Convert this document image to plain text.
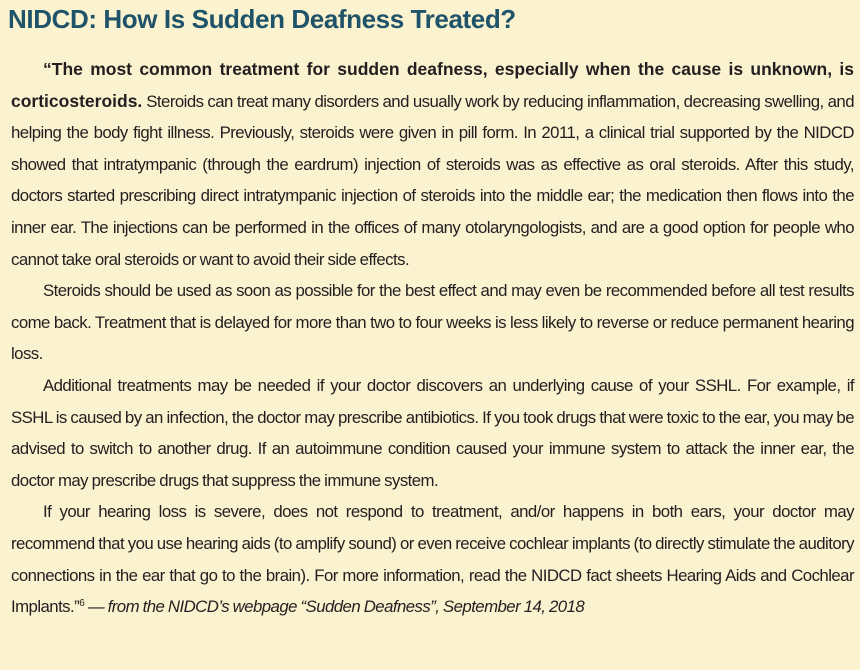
NIDCD: How Is Sudden Deafness Treated?

“The most common treatment for sudden deafness, especially when the cause is unknown, is corticosteroids. Steroids can treat many disorders and usually work by reducing inflammation, decreasing swelling, and helping the body fight illness. Previously, steroids were given in pill form. In 2011, a clinical trial supported by the NIDCD showed that intratympanic (through the eardrum) injection of steroids was as effective as oral steroids. After this study, doctors started prescribing direct intratympanic injection of steroids into the middle ear; the medication then flows into the inner ear. The injections can be performed in the offices of many otolaryngologists, and are a good option for people who cannot take oral steroids or want to avoid their side effects.

Steroids should be used as soon as possible for the best effect and may even be recommended before all test results come back. Treatment that is delayed for more than two to four weeks is less likely to reverse or reduce permanent hearing loss.

Additional treatments may be needed if your doctor discovers an underlying cause of your SSHL. For example, if SSHL is caused by an infection, the doctor may prescribe antibiotics. If you took drugs that were toxic to the ear, you may be advised to switch to another drug. If an autoimmune condition caused your immune system to attack the inner ear, the doctor may prescribe drugs that suppress the immune system.

If your hearing loss is severe, does not respond to treatment, and/or happens in both ears, your doctor may recommend that you use hearing aids (to amplify sound) or even receive cochlear implants (to directly stimulate the auditory connections in the ear that go to the brain). For more information, read the NIDCD fact sheets Hearing Aids and Cochlear Implants.”$^6$ — from the NIDCD’s webpage “Sudden Deafness”, September 14, 2018
